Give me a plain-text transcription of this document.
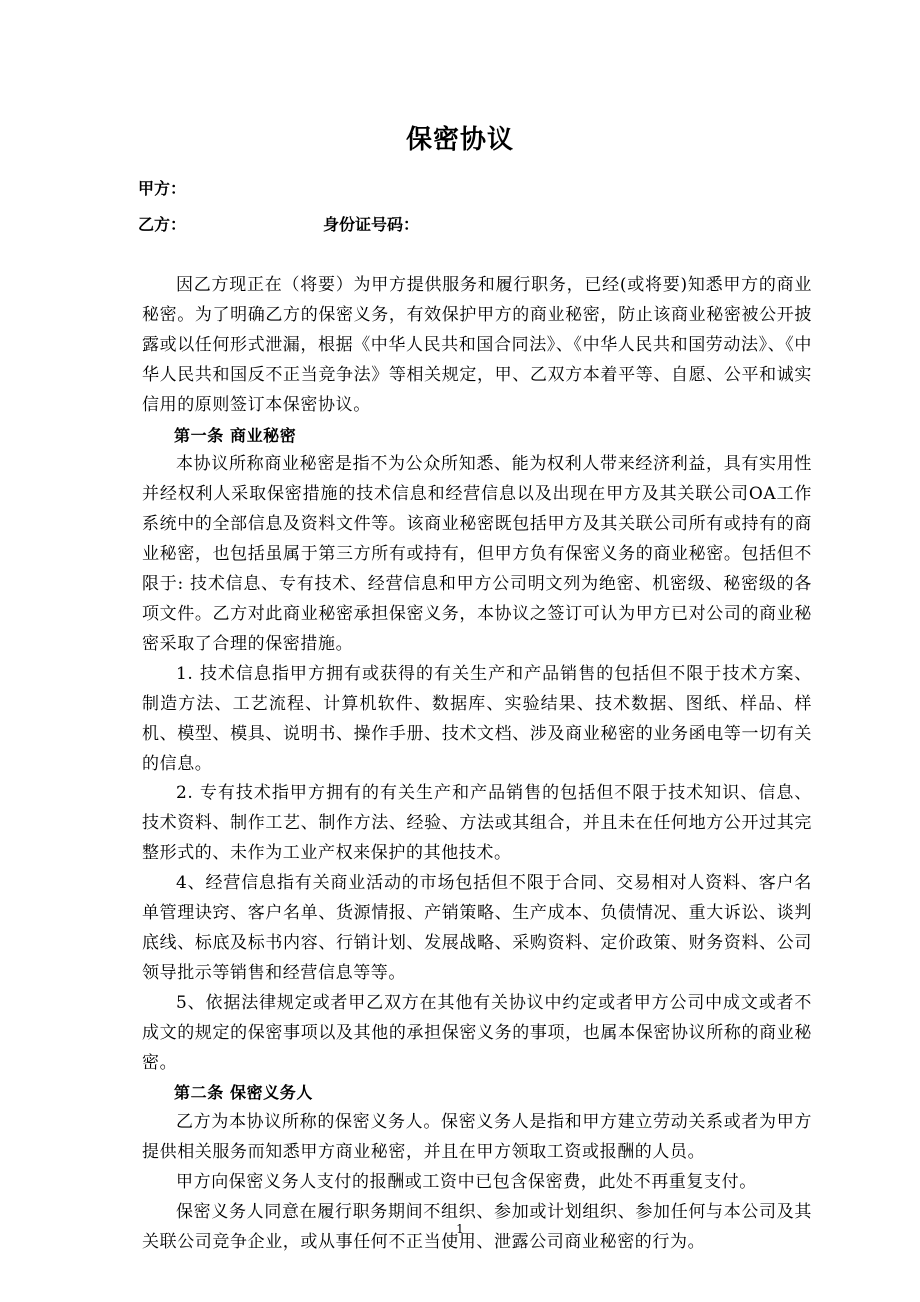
保密协议
甲方：
乙方：	身份证号码：

因乙方现正在（将要）为甲方提供服务和履行职务，已经(或将要)知悉甲方的商业秘密。为了明确乙方的保密义务，有效保护甲方的商业秘密，防止该商业秘密被公开披露或以任何形式泄漏，根据《中华人民共和国合同法》、《中华人民共和国劳动法》、《中华人民共和国反不正当竞争法》等相关规定，甲、乙双方本着平等、自愿、公平和诚实信用的原则签订本保密协议。

第一条 商业秘密

本协议所称商业秘密是指不为公众所知悉、能为权利人带来经济利益，具有实用性并经权利人采取保密措施的技术信息和经营信息以及出现在甲方及其关联公司OA工作系统中的全部信息及资料文件等。该商业秘密既包括甲方及其关联公司所有或持有的商业秘密，也包括虽属于第三方所有或持有，但甲方负有保密义务的商业秘密。包括但不限于: 技术信息、专有技术、经营信息和甲方公司明文列为绝密、机密级、秘密级的各项文件。乙方对此商业秘密承担保密义务，本协议之签订可认为甲方已对公司的商业秘密采取了合理的保密措施。

1. 技术信息指甲方拥有或获得的有关生产和产品销售的包括但不限于技术方案、制造方法、工艺流程、计算机软件、数据库、实验结果、技术数据、图纸、样品、样机、模型、模具、说明书、操作手册、技术文档、涉及商业秘密的业务函电等一切有关的信息。

2. 专有技术指甲方拥有的有关生产和产品销售的包括但不限于技术知识、信息、技术资料、制作工艺、制作方法、经验、方法或其组合，并且未在任何地方公开过其完整形式的、未作为工业产权来保护的其他技术。

4、经营信息指有关商业活动的市场包括但不限于合同、交易相对人资料、客户名单管理诀窍、客户名单、货源情报、产销策略、生产成本、负债情况、重大诉讼、谈判底线、标底及标书内容、行销计划、发展战略、采购资料、定价政策、财务资料、公司领导批示等销售和经营信息等等。

5、依据法律规定或者甲乙双方在其他有关协议中约定或者甲方公司中成文或者不成文的规定的保密事项以及其他的承担保密义务的事项，也属本保密协议所称的商业秘密。

第二条 保密义务人

乙方为本协议所称的保密义务人。保密义务人是指和甲方建立劳动关系或者为甲方提供相关服务而知悉甲方商业秘密，并且在甲方领取工资或报酬的人员。

甲方向保密义务人支付的报酬或工资中已包含保密费，此处不再重复支付。

保密义务人同意在履行职务期间不组织、参加或计划组织、参加任何与本公司及其关联公司竞争企业，或从事任何不正当使用、泄露公司商业秘密的行为。

1
